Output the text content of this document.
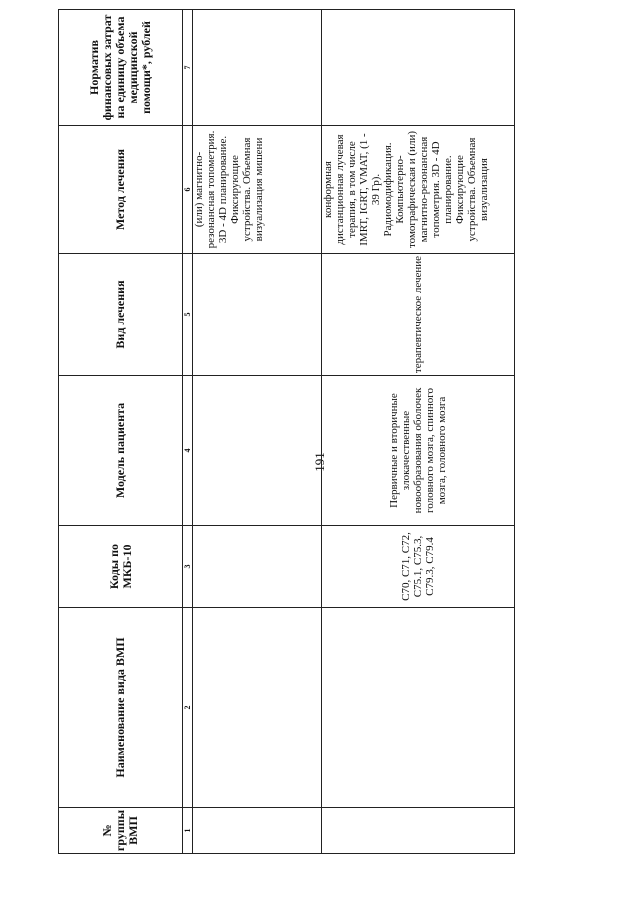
191
№ группы ВМП	Наименование вида ВМП	Коды по МКБ-10	Модель пациента	Вид лечения	Метод лечения	Норматив финансовых затрат на единицу объема медицинской помощи*, рублей
1	2	3	4	5	6	7
					(или) магнитно-резонансная топометрия. 3D - 4D планирование. Фиксирующие устройства. Объемная визуализация мишени	
		C70, C71, C72, C75.1, C75.3, C79.3, C79.4	Первичные и вторичные злокачественные новообразования оболочек головного мозга, спинного мозга, головного мозга	терапевтическое лечение	конформная дистанционная лучевая терапия, в том числе IMRT, IGRT, VMAT, (1 - 39 Гр). Радиомодификация. Компьютерно-томографическая и (или) магнитно-резонансная топометрия. 3D - 4D планирование. Фиксирующие устройства. Объемная визуализация	
